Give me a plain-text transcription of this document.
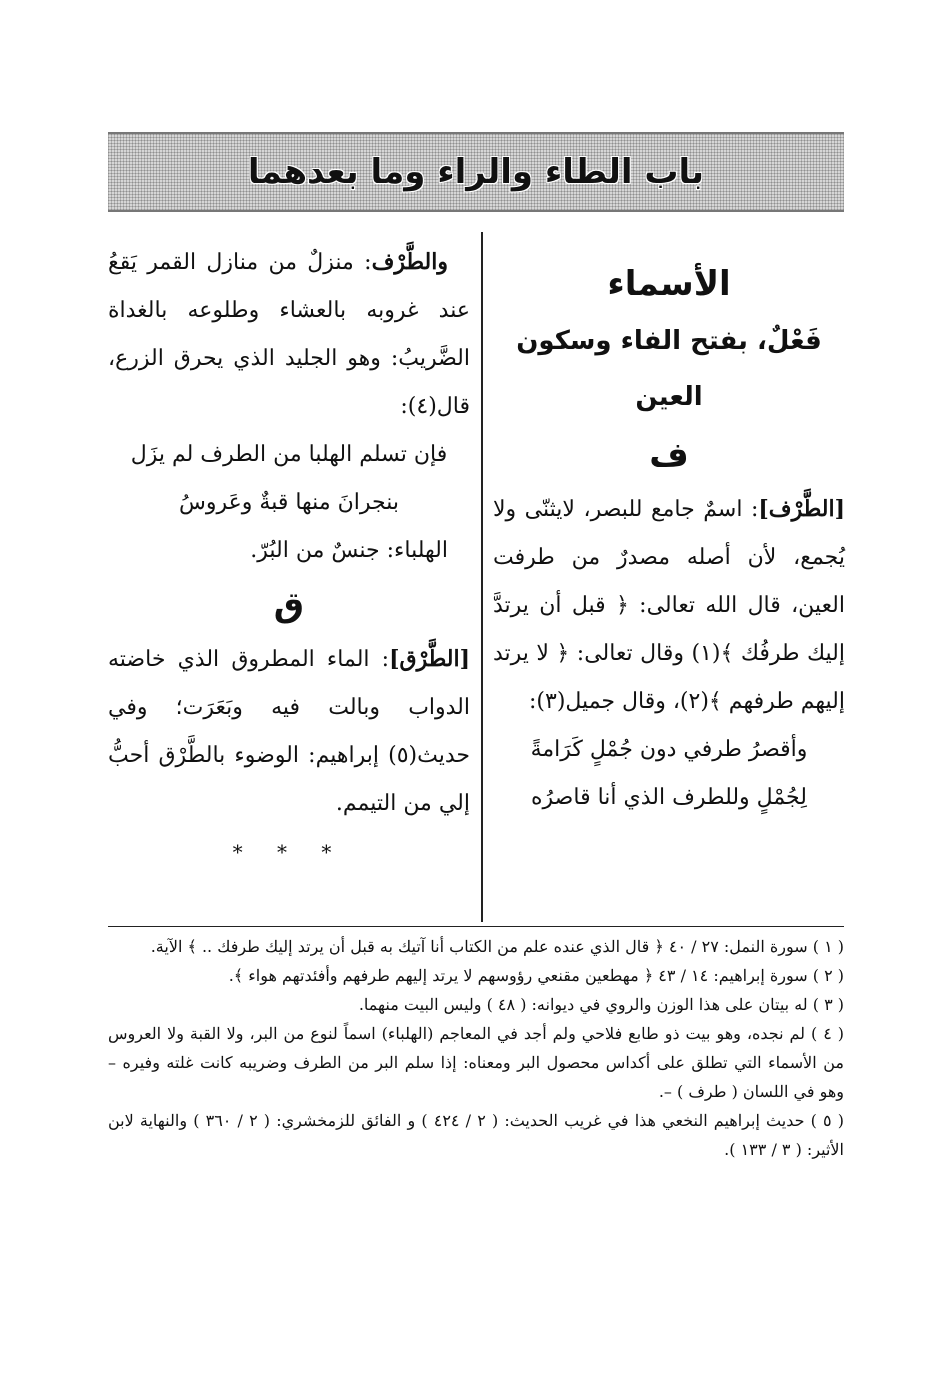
باب الطاء والراء وما بعدهما

الأسماء

فَعْلٌ، بفتح الفاء وسكون العين

ف

[الطَّرْف]: اسمٌ جامع للبصر، لايثنّى ولا يُجمع، لأن أصله مصدرٌ من طرفت العين، قال الله تعالى: ﴿ قبل أن يرتدَّ إليك طرفُك ﴾(١) وقال تعالى: ﴿ لا يرتد إليهم طرفهم ﴾(٢)، وقال جميل(٣):

وأقصرُ طرفي دون جُمْلٍ كَرَامةً

لِجُمْلٍ وللطرف الذي أنا قاصرُه

والطَّرْف: منزلٌ من منازل القمر يَقعُ عند غروبه بالعشاء وطلوعه بالغداة الضَّريبُ: وهو الجليد الذي يحرق الزرع، قال(٤):

فإن تسلم الهلبا من الطرف لم يزَل

بنجرانَ منها قبةٌ وعَروسُ

الهلباء: جنسٌ من البُرّ.

ق

[الطَّرْق]: الماء المطروق الذي خاضته الدواب وبالت فيه وبَعَرَت؛ وفي حديث(٥) إبراهيم: الوضوء بالطَّرْق أحبُّ إلي من التيمم.

* * *

( ١ ) سورة النمل: ٢٧ / ٤٠ ﴿ قال الذي عنده علم من الكتاب أنا آتيك به قبل أن يرتد إليك طرفك .. ﴾ الآية.

( ٢ ) سورة إبراهيم: ١٤ / ٤٣ ﴿ مهطعين مقنعي رؤوسهم لا يرتد إليهم طرفهم وأفئدتهم هواء ﴾.

( ٣ ) له بيتان على هذا الوزن والروي في ديوانه: ( ٤٨ ) وليس البيت منهما.

( ٤ ) لم نجده، وهو بيت ذو طابع فلاحي ولم أجد في المعاجم (الهلباء) اسماً لنوع من البر، ولا القبة ولا العروس من الأسماء التي تطلق على أكداس محصول البر ومعناه: إذا سلم البر من الطرف وضريبه كانت غلته وفيره – وهو في اللسان ( طرف ) –.

( ٥ ) حديث إبراهيم النخعي هذا في غريب الحديث: ( ٢ / ٤٢٤ ) و الفائق للزمخشري: ( ٢ / ٣٦٠ ) والنهاية لابن الأثير: ( ٣ / ١٣٣ ).
